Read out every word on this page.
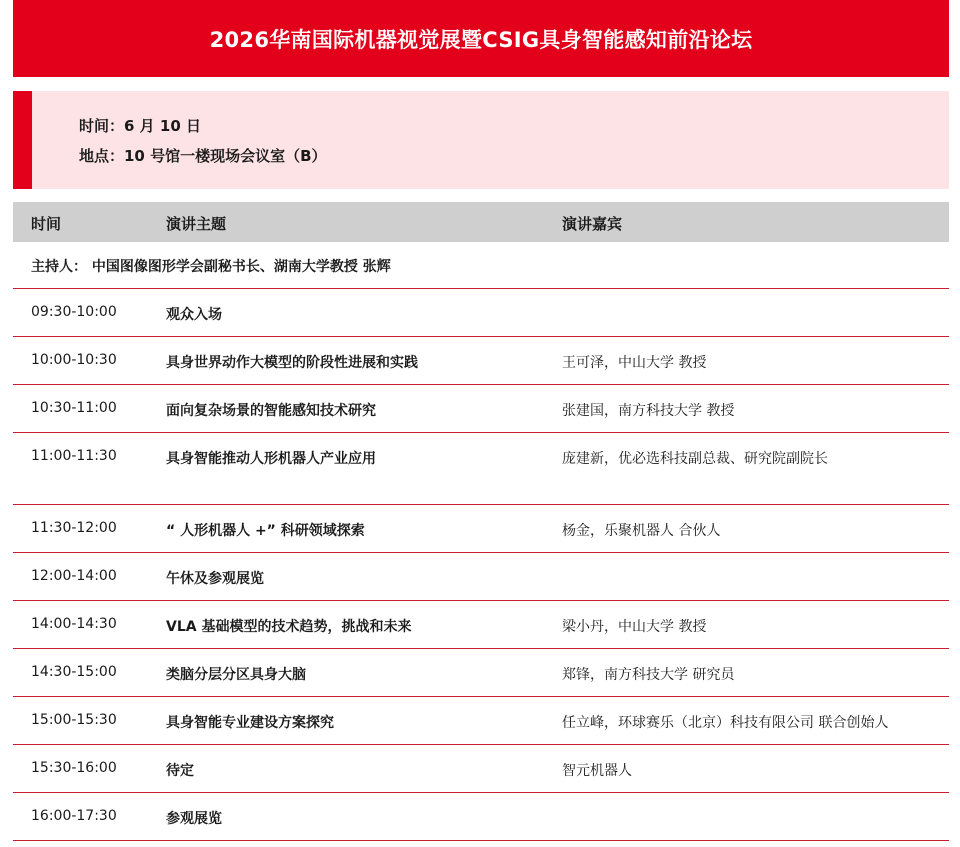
2026华南国际机器视觉展暨CSIG具身智能感知前沿论坛
时间：6 月 10 日
地点：10 号馆一楼现场会议室（B）
时间	演讲主题	演讲嘉宾
主持人： 中国图像图形学会副秘书长、湖南大学教授 张辉
09:30-10:00	观众入场
10:00-10:30	具身世界动作大模型的阶段性进展和实践	王可泽，中山大学 教授
10:30-11:00	面向复杂场景的智能感知技术研究	张建国，南方科技大学 教授
11:00-11:30	具身智能推动人形机器人产业应用	庞建新，优必选科技副总裁、研究院副院长
11:30-12:00	“ 人形机器人 +” 科研领域探索	杨金，乐聚机器人 合伙人
12:00-14:00	午休及参观展览
14:00-14:30	VLA 基础模型的技术趋势，挑战和未来	梁小丹，中山大学 教授
14:30-15:00	类脑分层分区具身大脑	郑锋，南方科技大学 研究员
15:00-15:30	具身智能专业建设方案探究	任立峰，环球赛乐（北京）科技有限公司 联合创始人
15:30-16:00	待定	智元机器人
16:00-17:30	参观展览
